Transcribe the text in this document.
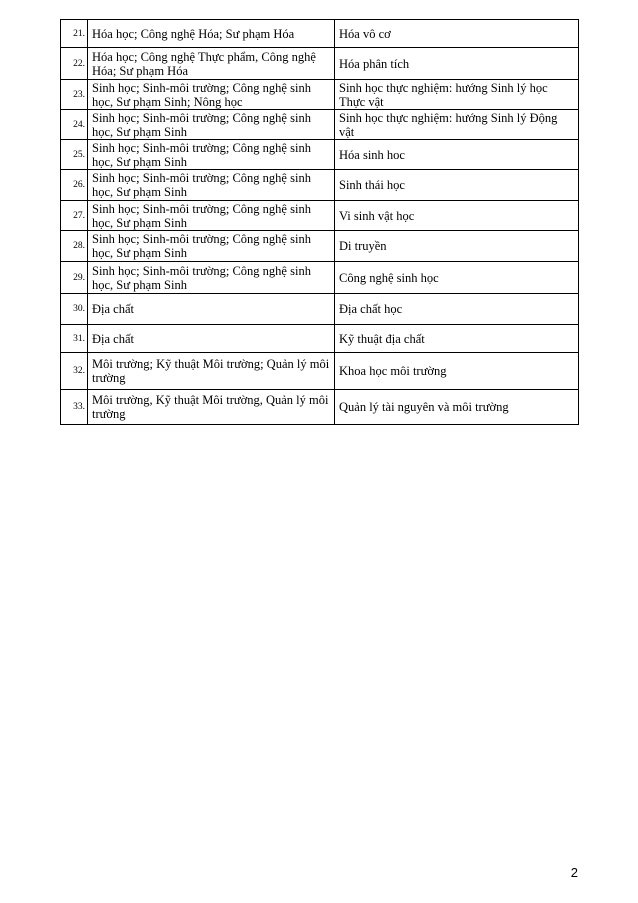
21.	Hóa học; Công nghệ Hóa; Sư phạm Hóa	Hóa vô cơ
22.	Hóa học; Công nghệ Thực phẩm, Công nghệ Hóa; Sư phạm Hóa	Hóa phân tích
23.	Sinh học; Sinh-môi trường; Công nghệ sinh học, Sư phạm Sinh; Nông học	Sinh học thực nghiệm: hướng Sinh lý học Thực vật
24.	Sinh học; Sinh-môi trường; Công nghệ sinh học, Sư phạm Sinh	Sinh học thực nghiệm: hướng Sinh lý Động vật
25.	Sinh học; Sinh-môi trường; Công nghệ sinh học, Sư phạm Sinh	Hóa sinh hoc
26.	Sinh học; Sinh-môi trường; Công nghệ sinh học, Sư phạm Sinh	Sinh thái học
27.	Sinh học; Sinh-môi trường; Công nghệ sinh học, Sư phạm Sinh	Vi sinh vật học
28.	Sinh học; Sinh-môi trường; Công nghệ sinh học, Sư phạm Sinh	Di truyền
29.	Sinh học; Sinh-môi trường; Công nghệ sinh học, Sư phạm Sinh	Công nghệ sinh học
30.	Địa chất	Địa chất học
31.	Địa chất	Kỹ thuật địa chất
32.	Môi trường; Kỹ thuật Môi trường; Quản lý môi trường	Khoa học môi trường
33.	Môi trường, Kỹ thuật Môi trường, Quản lý môi trường	Quản lý tài nguyên và môi trường
2
